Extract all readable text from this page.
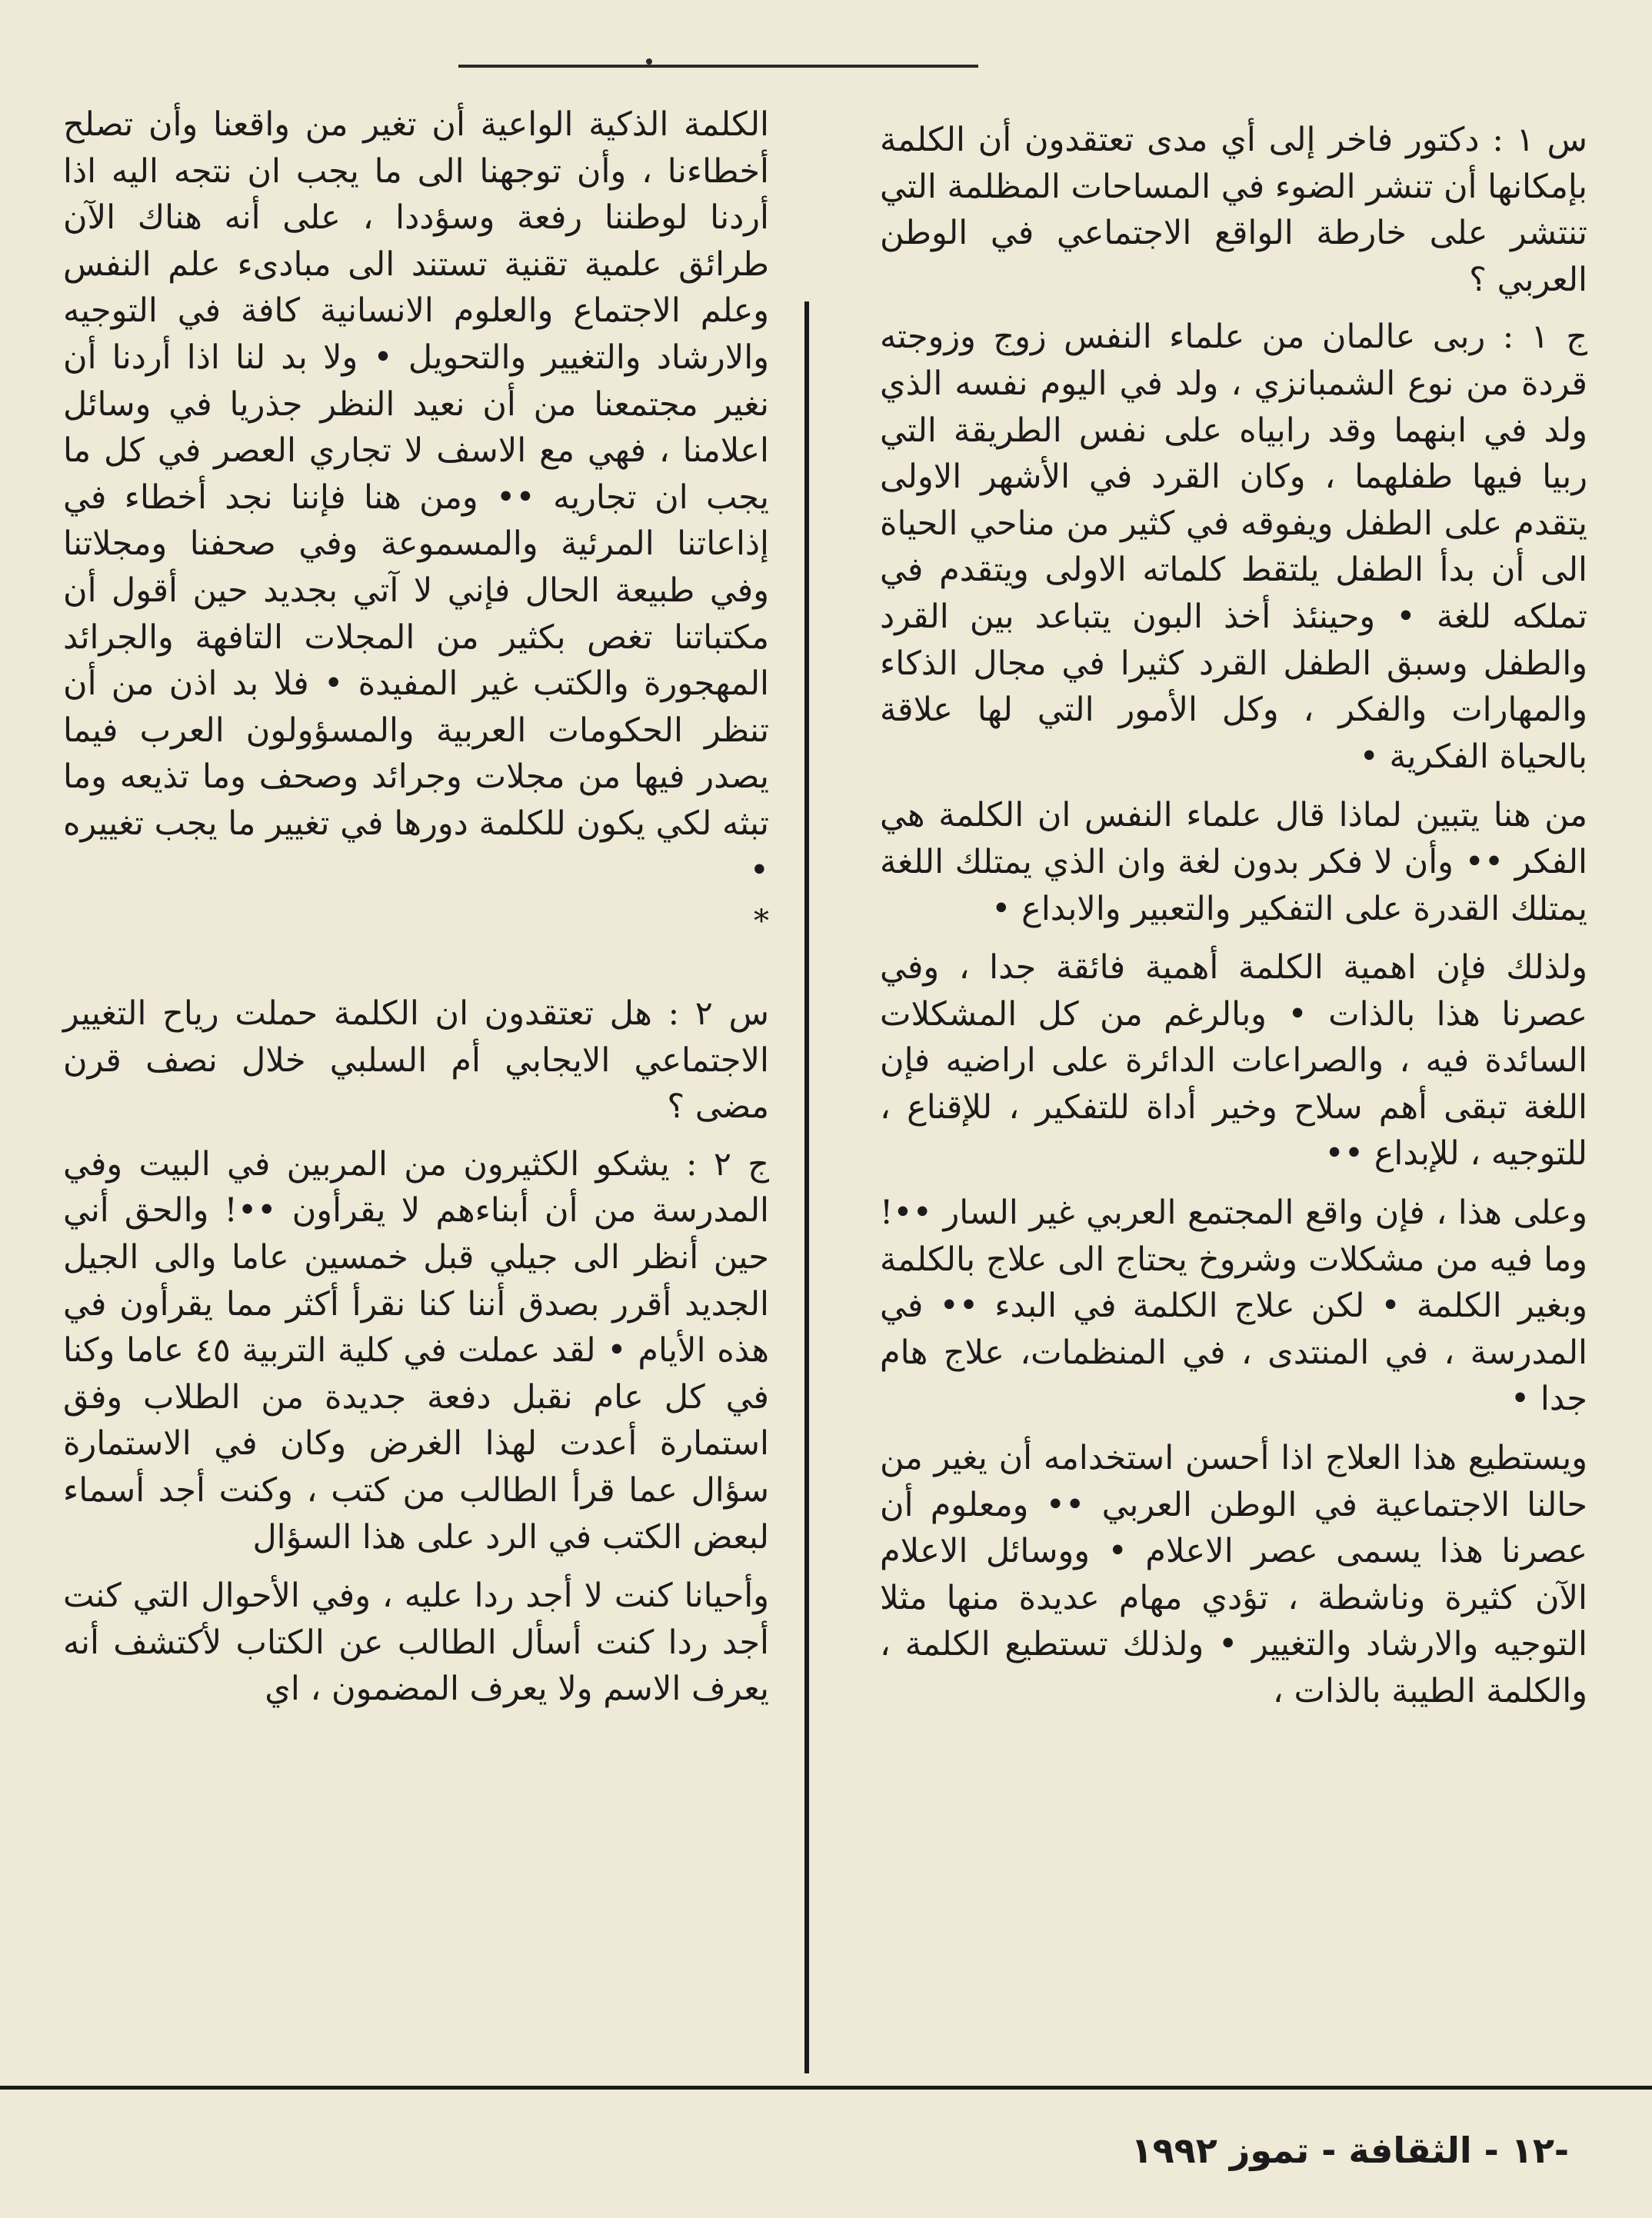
س ١ : دكتور فاخر إلى أي مدى تعتقدون أن الكلمة بإمكانها أن تنشر الضوء في المساحات المظلمة التي تنتشر على خارطة الواقع الاجتماعي في الوطن العربي ؟

ج ١ : ربى عالمان من علماء النفس زوج وزوجته قردة من نوع الشمبانزي ، ولد في اليوم نفسه الذي ولد في ابنهما وقد رابياه على نفس الطريقة التي ربيا فيها طفلهما ، وكان القرد في الأشهر الاولى يتقدم على الطفل ويفوقه في كثير من مناحي الحياة الى أن بدأ الطفل يلتقط كلماته الاولى ويتقدم في تملكه للغة • وحينئذ أخذ البون يتباعد بين القرد والطفل وسبق الطفل القرد كثيرا في مجال الذكاء والمهارات والفكر ، وكل الأمور التي لها علاقة بالحياة الفكرية •

من هنا يتبين لماذا قال علماء النفس ان الكلمة هي الفكر •• وأن لا فكر بدون لغة وان الذي يمتلك اللغة يمتلك القدرة على التفكير والتعبير والابداع •

ولذلك فإن اهمية الكلمة أهمية فائقة جدا ، وفي عصرنا هذا بالذات • وبالرغم من كل المشكلات السائدة فيه ، والصراعات الدائرة على اراضيه فإن اللغة تبقى أهم سلاح وخير أداة للتفكير ، للإقناع ، للتوجيه ، للإبداع ••

وعلى هذا ، فإن واقع المجتمع العربي غير السار ••! وما فيه من مشكلات وشروخ يحتاج الى علاج بالكلمة وبغير الكلمة • لكن علاج الكلمة في البدء •• في المدرسة ، في المنتدى ، في المنظمات، علاج هام جدا •

ويستطيع هذا العلاج اذا أحسن استخدامه أن يغير من حالنا الاجتماعية في الوطن العربي •• ومعلوم أن عصرنا هذا يسمى عصر الاعلام • ووسائل الاعلام الآن كثيرة وناشطة ، تؤدي مهام عديدة منها مثلا التوجيه والارشاد والتغيير • ولذلك تستطيع الكلمة ، والكلمة الطيبة بالذات ،

الكلمة الذكية الواعية أن تغير من واقعنا وأن تصلح أخطاءنا ، وأن توجهنا الى ما يجب ان نتجه اليه اذا أردنا لوطننا رفعة وسؤددا ، على أنه هناك الآن طرائق علمية تقنية تستند الى مبادىء علم النفس وعلم الاجتماع والعلوم الانسانية كافة في التوجيه والارشاد والتغيير والتحويل • ولا بد لنا اذا أردنا أن نغير مجتمعنا من أن نعيد النظر جذريا في وسائل اعلامنا ، فهي مع الاسف لا تجاري العصر في كل ما يجب ان تجاريه •• ومن هنا فإننا نجد أخطاء في إذاعاتنا المرئية والمسموعة وفي صحفنا ومجلاتنا وفي طبيعة الحال فإني لا آتي بجديد حين أقول أن مكتباتنا تغص بكثير من المجلات التافهة والجرائد المهجورة والكتب غير المفيدة • فلا بد اذن من أن تنظر الحكومات العربية والمسؤولون العرب فيما يصدر فيها من مجلات وجرائد وصحف وما تذيعه وما تبثه لكي يكون للكلمة دورها في تغيير ما يجب تغييره •

*

س ٢ : هل تعتقدون ان الكلمة حملت رياح التغيير الاجتماعي الايجابي أم السلبي خلال نصف قرن مضى ؟

ج ٢ : يشكو الكثيرون من المربين في البيت وفي المدرسة من أن أبناءهم لا يقرأون ••! والحق أني حين أنظر الى جيلي قبل خمسين عاما والى الجيل الجديد أقرر بصدق أننا كنا نقرأ أكثر مما يقرأون في هذه الأيام • لقد عملت في كلية التربية ٤٥ عاما وكنا في كل عام نقبل دفعة جديدة من الطلاب وفق استمارة أعدت لهذا الغرض وكان في الاستمارة سؤال عما قرأ الطالب من كتب ، وكنت أجد أسماء لبعض الكتب في الرد على هذا السؤال

وأحيانا كنت لا أجد ردا عليه ، وفي الأحوال التي كنت أجد ردا كنت أسأل الطالب عن الكتاب لأكتشف أنه يعرف الاسم ولا يعرف المضمون ، اي

-١٢- الثقافة- تموز ١٩٩٢
